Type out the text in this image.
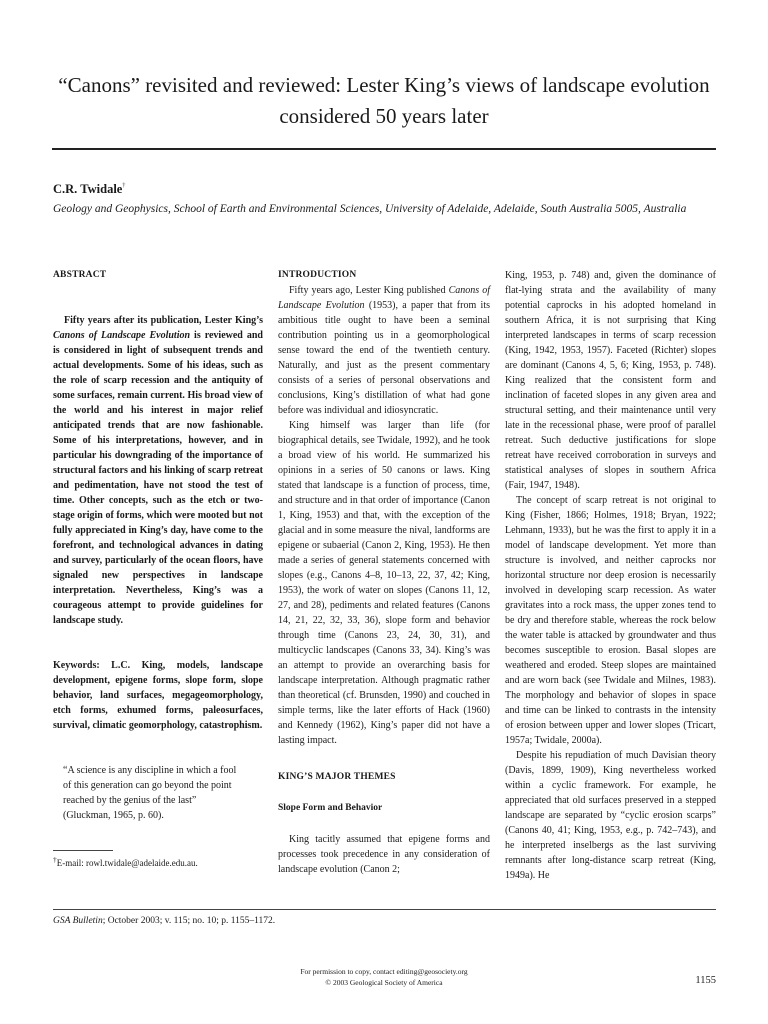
“Canons” revisited and reviewed: Lester King’s views of landscape evolution considered 50 years later
C.R. Twidale†
Geology and Geophysics, School of Earth and Environmental Sciences, University of Adelaide, Adelaide, South Australia 5005, Australia
ABSTRACT
Fifty years after its publication, Lester King’s Canons of Landscape Evolution is reviewed and is considered in light of subsequent trends and actual developments. Some of his ideas, such as the role of scarp recession and the antiquity of some surfaces, remain current. His broad view of the world and his interest in major relief anticipated trends that are now fashionable. Some of his interpretations, however, and in particular his downgrading of the importance of structural factors and his linking of scarp retreat and pedimentation, have not stood the test of time. Other concepts, such as the etch or two-stage origin of forms, which were mooted but not fully appreciated in King’s day, have come to the forefront, and technological advances in dating and survey, particularly of the ocean floors, have signaled new perspectives in landscape interpretation. Nevertheless, King’s was a courageous attempt to provide guidelines for landscape study.
Keywords: L.C. King, models, landscape development, epigene forms, slope form, slope behavior, land surfaces, megageomorphology, etch forms, exhumed forms, paleosurfaces, survival, climatic geomorphology, catastrophism.
“A science is any discipline in which a fool of this generation can go beyond the point reached by the genius of the last” (Gluckman, 1965, p. 60).
†E-mail: rowl.twidale@adelaide.edu.au.
INTRODUCTION

Fifty years ago, Lester King published Canons of Landscape Evolution (1953), a paper that from its ambitious title ought to have been a seminal contribution pointing us in a geomorphological sense toward the end of the twentieth century. Naturally, and just as the present commentary consists of a series of personal observations and conclusions, King’s distillation of what had gone before was individual and idiosyncratic.

King himself was larger than life (for biographical details, see Twidale, 1992), and he took a broad view of his world. He summarized his opinions in a series of 50 canons or laws. King stated that landscape is a function of process, time, and structure and in that order of importance (Canon 1, King, 1953) and that, with the exception of the glacial and in some measure the nival, landforms are epigene or subaerial (Canon 2, King, 1953). He then made a series of general statements concerned with slopes (e.g., Canons 4–8, 10–13, 22, 37, 42; King, 1953), the work of water on slopes (Canons 11, 12, 27, and 28), pediments and related features (Canons 14, 21, 22, 32, 33, 36), slope form and behavior through time (Canons 23, 24, 30, 31), and multicyclic landscapes (Canons 33, 34). King’s was an attempt to provide an overarching basis for landscape interpretation. Although pragmatic rather than theoretical (cf. Brunsden, 1990) and couched in simple terms, like the later efforts of Hack (1960) and Kennedy (1962), King’s paper did not have a lasting impact.

KING’S MAJOR THEMES
Slope Form and Behavior

King tacitly assumed that epigene forms and processes took precedence in any consideration of landscape evolution (Canon 2;

King, 1953, p. 748) and, given the dominance of flat-lying strata and the availability of many potential caprocks in his adopted homeland in southern Africa, it is not surprising that King interpreted landscapes in terms of scarp recession (King, 1942, 1953, 1957). Faceted (Richter) slopes are dominant (Canons 4, 5, 6; King, 1953, p. 748). King realized that the consistent form and inclination of faceted slopes in any given area and structural setting, and their maintenance until very late in the recessional phase, were proof of parallel retreat. Such deductive justifications for slope retreat have received corroboration in surveys and statistical analyses of slopes in southern Africa (Fair, 1947, 1948).

The concept of scarp retreat is not original to King (Fisher, 1866; Holmes, 1918; Bryan, 1922; Lehmann, 1933), but he was the first to apply it in a model of landscape development. Yet more than structure is involved, and neither caprocks nor horizontal structure nor deep erosion is necessarily involved in developing scarp recession. As water gravitates into a rock mass, the upper zones tend to be dry and therefore stable, whereas the rock below the water table is attacked by groundwater and thus becomes susceptible to erosion. Basal slopes are weathered and eroded. Steep slopes are maintained and are worn back (see Twidale and Milnes, 1983). The morphology and behavior of slopes in space and time can be linked to contrasts in the intensity of erosion between upper and lower slopes (Tricart, 1957a; Twidale, 2000a).

Despite his repudiation of much Davisian theory (Davis, 1899, 1909), King nevertheless worked within a cyclic framework. For example, he appreciated that old surfaces preserved in a stepped landscape are separated by “cyclic erosion scarps” (Canons 40, 41; King, 1953, e.g., p. 742–743), and he interpreted inselbergs as the last surviving remnants after long-distance scarp retreat (King, 1949a). He

GSA Bulletin; October 2003; v. 115; no. 10; p. 1155–1172.
For permission to copy, contact editing@geosociety.org
© 2003 Geological Society of America	1155
